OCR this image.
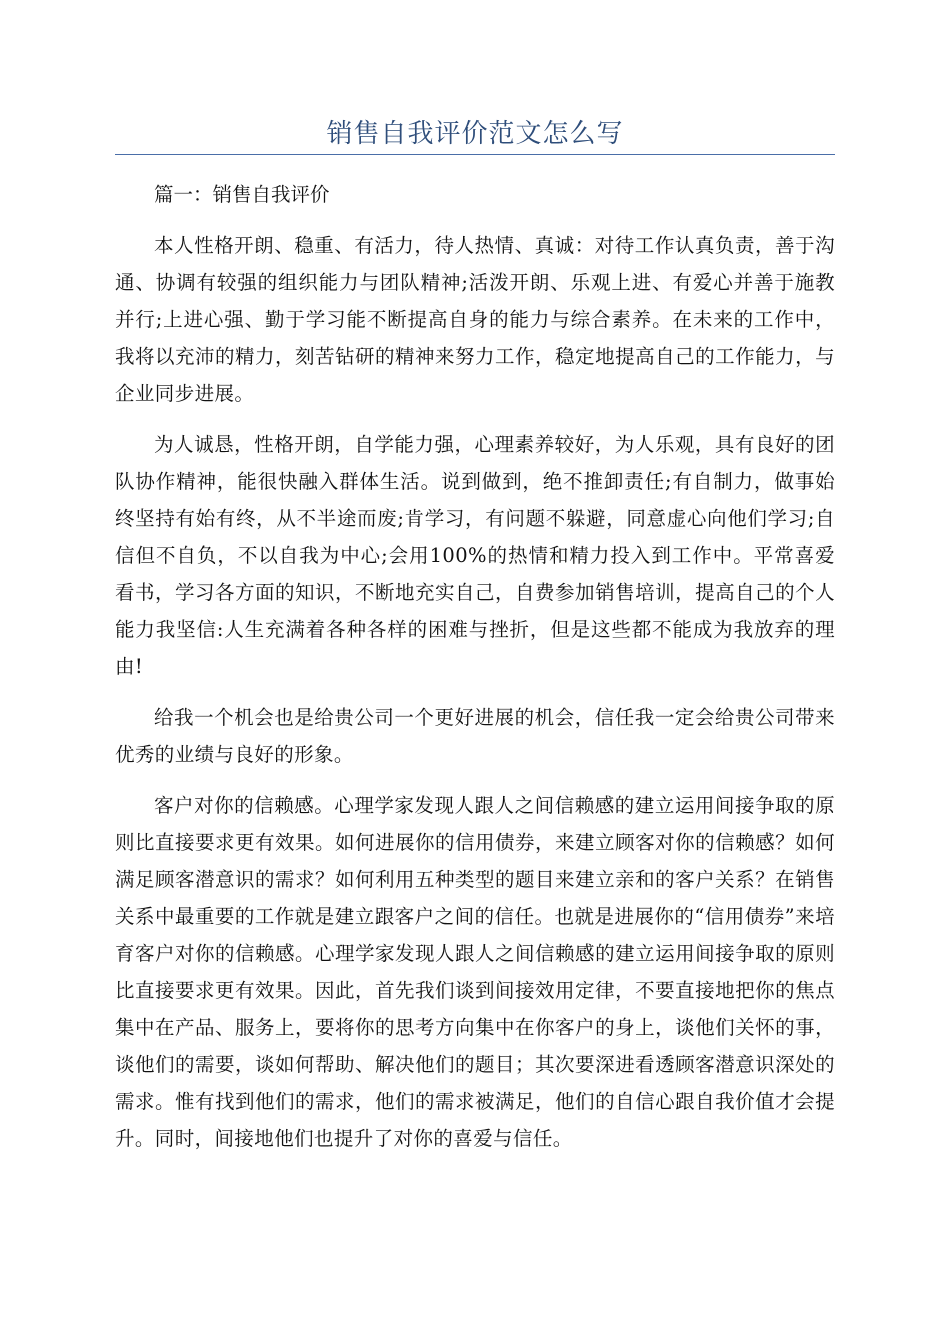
销售自我评价范文怎么写

篇一：销售自我评价

本人性格开朗、稳重、有活力，待人热情、真诚：对待工作认真负责，善于沟通、协调有较强的组织能力与团队精神;活泼开朗、乐观上进、有爱心并善于施教并行;上进心强、勤于学习能不断提高自身的能力与综合素养。在未来的工作中，我将以充沛的精力，刻苦钻研的精神来努力工作，稳定地提高自己的工作能力，与企业同步进展。

为人诚恳，性格开朗，自学能力强，心理素养较好，为人乐观，具有良好的团队协作精神，能很快融入群体生活。说到做到，绝不推卸责任;有自制力，做事始终坚持有始有终，从不半途而废;肯学习，有问题不躲避，同意虚心向他们学习;自信但不自负，不以自我为中心;会用100%的热情和精力投入到工作中。平常喜爱看书，学习各方面的知识，不断地充实自己，自费参加销售培训，提高自己的个人能力我坚信:人生充满着各种各样的困难与挫折，但是这些都不能成为我放弃的理由!

给我一个机会也是给贵公司一个更好进展的机会，信任我一定会给贵公司带来优秀的业绩与良好的形象。

客户对你的信赖感。心理学家发现人跟人之间信赖感的建立运用间接争取的原则比直接要求更有效果。如何进展你的信用债券，来建立顾客对你的信赖感？如何满足顾客潜意识的需求？如何利用五种类型的题目来建立亲和的客户关系？在销售关系中最重要的工作就是建立跟客户之间的信任。也就是进展你的“信用债券”来培育客户对你的信赖感。心理学家发现人跟人之间信赖感的建立运用间接争取的原则比直接要求更有效果。因此，首先我们谈到间接效用定律，不要直接地把你的焦点集中在产品、服务上，要将你的思考方向集中在你客户的身上，谈他们关怀的事，谈他们的需要，谈如何帮助、解决他们的题目；其次要深进看透顾客潜意识深处的需求。惟有找到他们的需求，他们的需求被满足，他们的自信心跟自我价值才会提升。同时，间接地他们也提升了对你的喜爱与信任。
